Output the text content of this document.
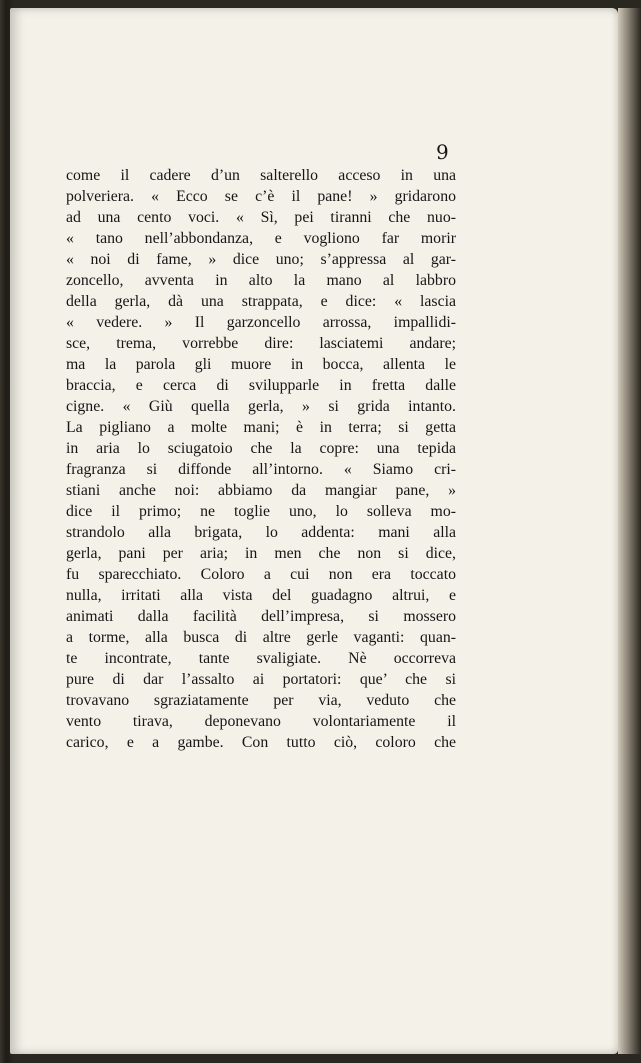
9
come il cadere d’un salterello acceso in una
polveriera. « Ecco se c’è il pane! » gridarono
ad una cento voci. « Sì, pei tiranni che nuo-
« tano nell’abbondanza, e vogliono far morir
« noi di fame, » dice uno; s’appressa al gar-
zoncello, avventa in alto la mano al labbro
della gerla, dà una strappata, e dice: « lascia
« vedere. » Il garzoncello arrossa, impallidi-
sce, trema, vorrebbe dire: lasciatemi andare;
ma la parola gli muore in bocca, allenta le
braccia, e cerca di svilupparle in fretta dalle
cigne. « Giù quella gerla, » si grida intanto.
La pigliano a molte mani; è in terra; si getta
in aria lo sciugatoio che la copre: una tepida
fragranza si diffonde all’intorno. « Siamo cri-
stiani anche noi: abbiamo da mangiar pane, »
dice il primo; ne toglie uno, lo solleva mo-
strandolo alla brigata, lo addenta: mani alla
gerla, pani per aria; in men che non si dice,
fu sparecchiato. Coloro a cui non era toccato
nulla, irritati alla vista del guadagno altrui, e
animati dalla facilità dell’impresa, si mossero
a torme, alla busca di altre gerle vaganti: quan-
te incontrate, tante svaligiate. Nè occorreva
pure di dar l’assalto ai portatori: que’ che si
trovavano sgraziatamente per via, veduto che
vento tirava, deponevano volontariamente il
carico, e a gambe. Con tutto ciò, coloro che
